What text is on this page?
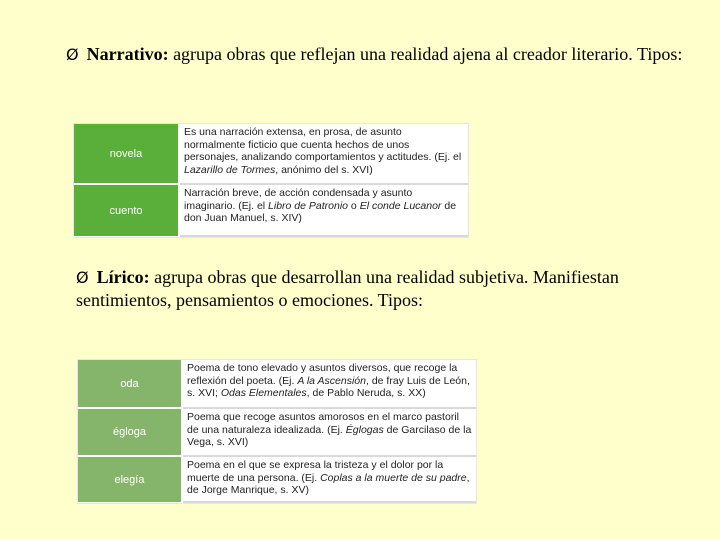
Ø Narrativo: agrupa obras que reflejan una realidad ajena al creador literario. Tipos:
novela	Es una narración extensa, en prosa, de asunto normalmente ficticio que cuenta hechos de unos personajes, analizando comportamientos y actitudes. (Ej. el Lazarillo de Tormes, anónimo del s. XVI)
cuento	Narración breve, de acción condensada y asunto imaginario. (Ej. el Libro de Patronio o El conde Lucanor de don Juan Manuel, s. XIV)
Ø Lírico: agrupa obras que desarrollan una realidad subjetiva. Manifiestan sentimientos, pensamientos o emociones. Tipos:
oda	Poema de tono elevado y asuntos diversos, que recoge la reflexión del poeta. (Ej. A la Ascensión, de fray Luis de León, s. XVI; Odas Elementales, de Pablo Neruda, s. XX)
égloga	Poema que recoge asuntos amorosos en el marco pastoril de una naturaleza idealizada. (Ej. Églogas de Garcilaso de la Vega, s. XVI)
elegía	Poema en el que se expresa la tristeza y el dolor por la muerte de una persona. (Ej. Coplas a la muerte de su padre, de Jorge Manrique, s. XV)
